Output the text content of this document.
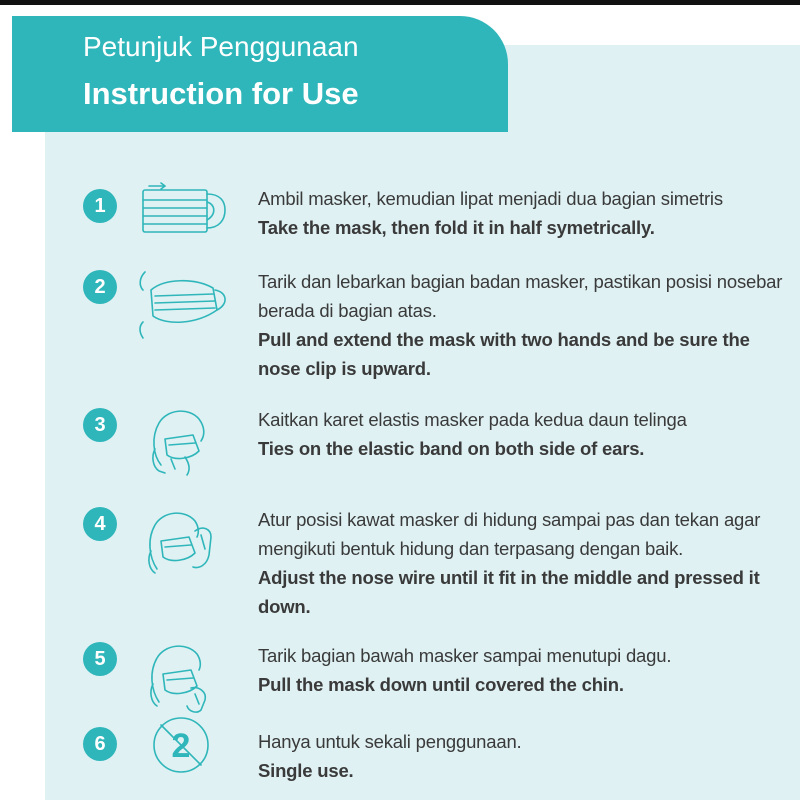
Petunjuk Penggunaan
Instruction for Use
1	Ambil masker, kemudian lipat menjadi dua bagian simetris
Take the mask, then fold it in half symetrically.
2	Tarik dan lebarkan bagian badan masker, pastikan posisi nosebar berada di bagian atas.
Pull and extend the mask with two hands and be sure the nose clip is upward.
3	Kaitkan karet elastis masker pada kedua daun telinga
Ties on the elastic band on both side of ears.
4	Atur posisi kawat masker di hidung sampai pas dan tekan agar mengikuti bentuk hidung dan terpasang dengan baik.
Adjust the nose wire until it fit in the middle and pressed it down.
5	Tarik bagian bawah masker sampai menutupi dagu.
Pull the mask down until covered the chin.
6	2	Hanya untuk sekali penggunaan.
Single use.
